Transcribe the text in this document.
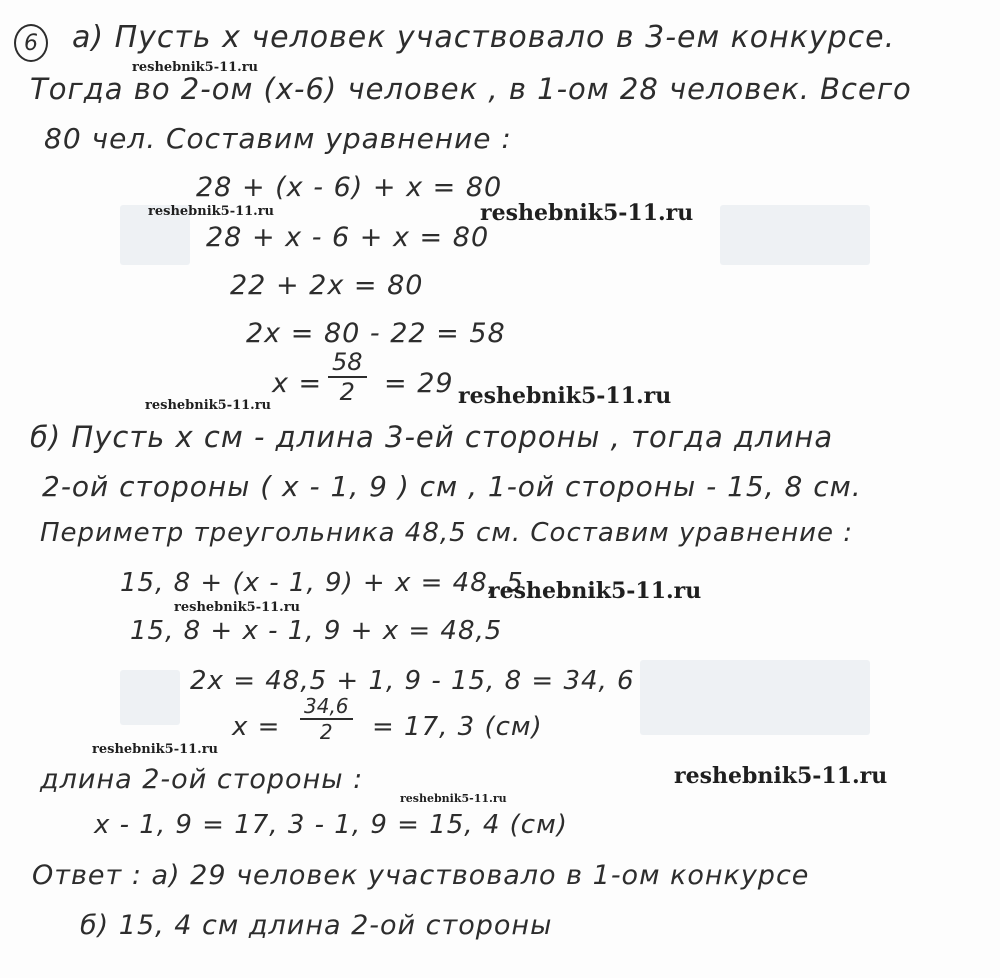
6	а) Пусть x человек участвовало в 3-ем конкурсе.
Тогда во 2-ом (x-6) человек , в 1-ом 28 человек. Всего
80 чел. Составим уравнение :
28 + (x - 6) + x = 80
28 + x - 6 + x = 80
22 + 2x = 80
2x = 80 - 22 = 58
$x = \frac{58}{2} = 29$
б) Пусть x см - длина 3-ей стороны , тогда длина
2-ой стороны ( x - 1, 9 ) см , 1-ой стороны - 15, 8 см.
Периметр треугольника 48,5 см. Составим уравнение :
15, 8 + (x - 1, 9) + x = 48, 5
15, 8 + x - 1, 9 + x = 48,5
2x = 48,5 + 1, 9 - 15, 8 = 34, 6
$x = \frac{34,6}{2} = 17$, 3 (см)
длина 2-ой стороны :
x - 1, 9 = 17, 3 - 1, 9 = 15, 4 (см)
Ответ : а) 29 человек участвовало в 1-ом конкурсе
б) 15, 4 см длина 2-ой стороны
reshebnik5-11.ru
reshebnik5-11.ru	reshebnik5-11.ru
reshebnik5-11.ru	reshebnik5-11.ru
reshebnik5-11.ru
reshebnik5-11.ru
reshebnik5-11.ru
reshebnik5-11.ru
reshebnik5-11.ru
